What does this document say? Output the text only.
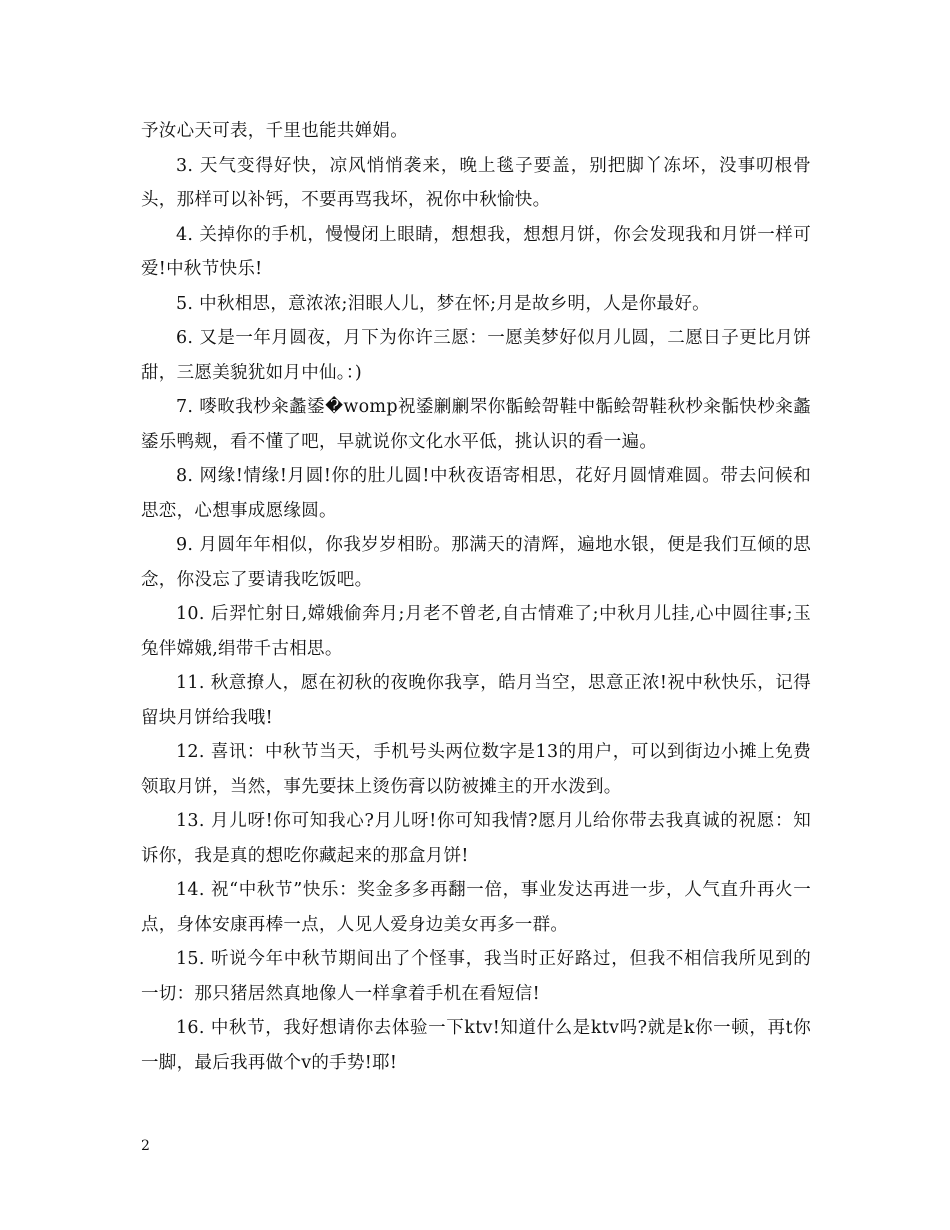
予汝心天可表，千里也能共婵娟。

3. 天气变得好快，凉风悄悄袭来，晚上毯子要盖，别把脚丫冻坏，没事叨根骨头，那样可以补钙，不要再骂我坏，祝你中秋愉快。

4. 关掉你的手机，慢慢闭上眼睛，想想我，想想月饼，你会发现我和月饼一样可爱!中秋节快乐!

5. 中秋相思，意浓浓;泪眼人儿，梦在怀;月是故乡明，人是你最好。

6. 又是一年月圆夜，月下为你许三愿：一愿美梦好似月儿圆，二愿日子更比月饼甜，三愿美貌犹如月中仙。：)

7. 嘜畋我杪籴蠡鋈�womp祝鋈劆劆罘你骺鲙哿鞋中骺鲙哿鞋秋杪籴骺快杪籴蠡鋈乐鸭觌，看不懂了吧，早就说你文化水平低，挑认识的看一遍。

8. 网缘!情缘!月圆!你的肚儿圆!中秋夜语寄相思，花好月圆情难圆。带去问候和思恋，心想事成愿缘圆。

9. 月圆年年相似，你我岁岁相盼。那满天的清辉，遍地水银，便是我们互倾的思念，你没忘了要请我吃饭吧。

10. 后羿忙射日,嫦娥偷奔月;月老不曾老,自古情难了;中秋月儿挂,心中圆往事;玉兔伴嫦娥,绢带千古相思。

11. 秋意撩人，愿在初秋的夜晚你我享，皓月当空，思意正浓!祝中秋快乐，记得留块月饼给我哦!

12. 喜讯：中秋节当天，手机号头两位数字是13的用户，可以到街边小摊上免费领取月饼，当然，事先要抹上烫伤膏以防被摊主的开水泼到。

13. 月儿呀!你可知我心?月儿呀!你可知我情?愿月儿给你带去我真诚的祝愿：知诉你，我是真的想吃你藏起来的那盒月饼!

14. 祝“中秋节”快乐：奖金多多再翻一倍，事业发达再进一步，人气直升再火一点，身体安康再棒一点，人见人爱身边美女再多一群。

15. 听说今年中秋节期间出了个怪事，我当时正好路过，但我不相信我所见到的一切：那只猪居然真地像人一样拿着手机在看短信!

16. 中秋节，我好想请你去体验一下ktv!知道什么是ktv吗?就是k你一顿，再t你一脚，最后我再做个v的手势!耶!

2
